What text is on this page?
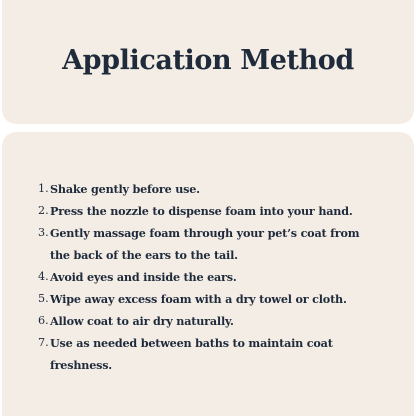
Application Method
1. Shake gently before use.
2. Press the nozzle to dispense foam into your hand.
3. Gently massage foam through your pet’s coat from the back of the ears to the tail.
4. Avoid eyes and inside the ears.
5. Wipe away excess foam with a dry towel or cloth.
6. Allow coat to air dry naturally.
7. Use as needed between baths to maintain coat freshness.
